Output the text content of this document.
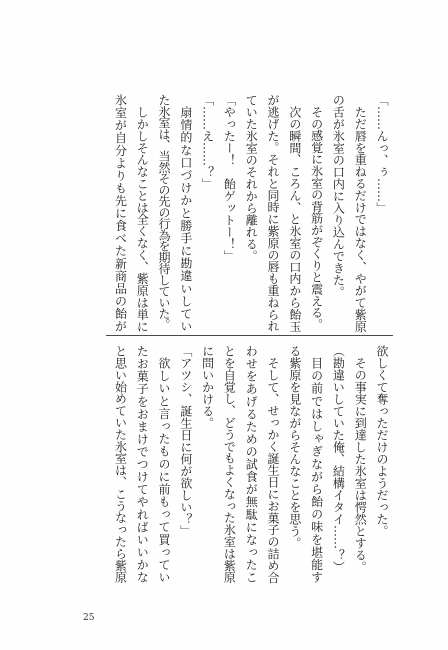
「……んっ、ぅ……」
ただ唇を重ねるだけではなく、やがて紫原
の舌が氷室の口内に入り込んできた。
その感覚に氷室の背筋がぞくりと震える。
次の瞬間、ころん、と氷室の口内から飴玉
が逃げた。それと同時に紫原の唇も重ねられ
ていた氷室のそれから離れる。
「やったー！　飴ゲットー！」
「……え……？」
扇情的な口づけかと勝手に勘違いしてい
た氷室は、当然その先の行為を期待していた。
しかしそんなことは全くなく、紫原は単に
氷室が自分よりも先に食べた新商品の飴が
欲しくて奪っただけのようだった。
その事実に到達した氷室は愕然とする。
（勘違いしていた俺、結構イタイ……？）
目の前ではしゃぎながら飴の味を堪能す
る紫原を見ながらそんなことを思う。
そして、せっかく誕生日にお菓子の詰め合
わせをあげるための試食が無駄になったこ
とを自覚し、どうでもよくなった氷室は紫原
に問いかける。
「アツシ、誕生日に何が欲しい？」
欲しいと言ったものに前もって買ってい
たお菓子をおまけでつけてやればいいかな
と思い始めていた氷室は、こうなったら紫原
25
